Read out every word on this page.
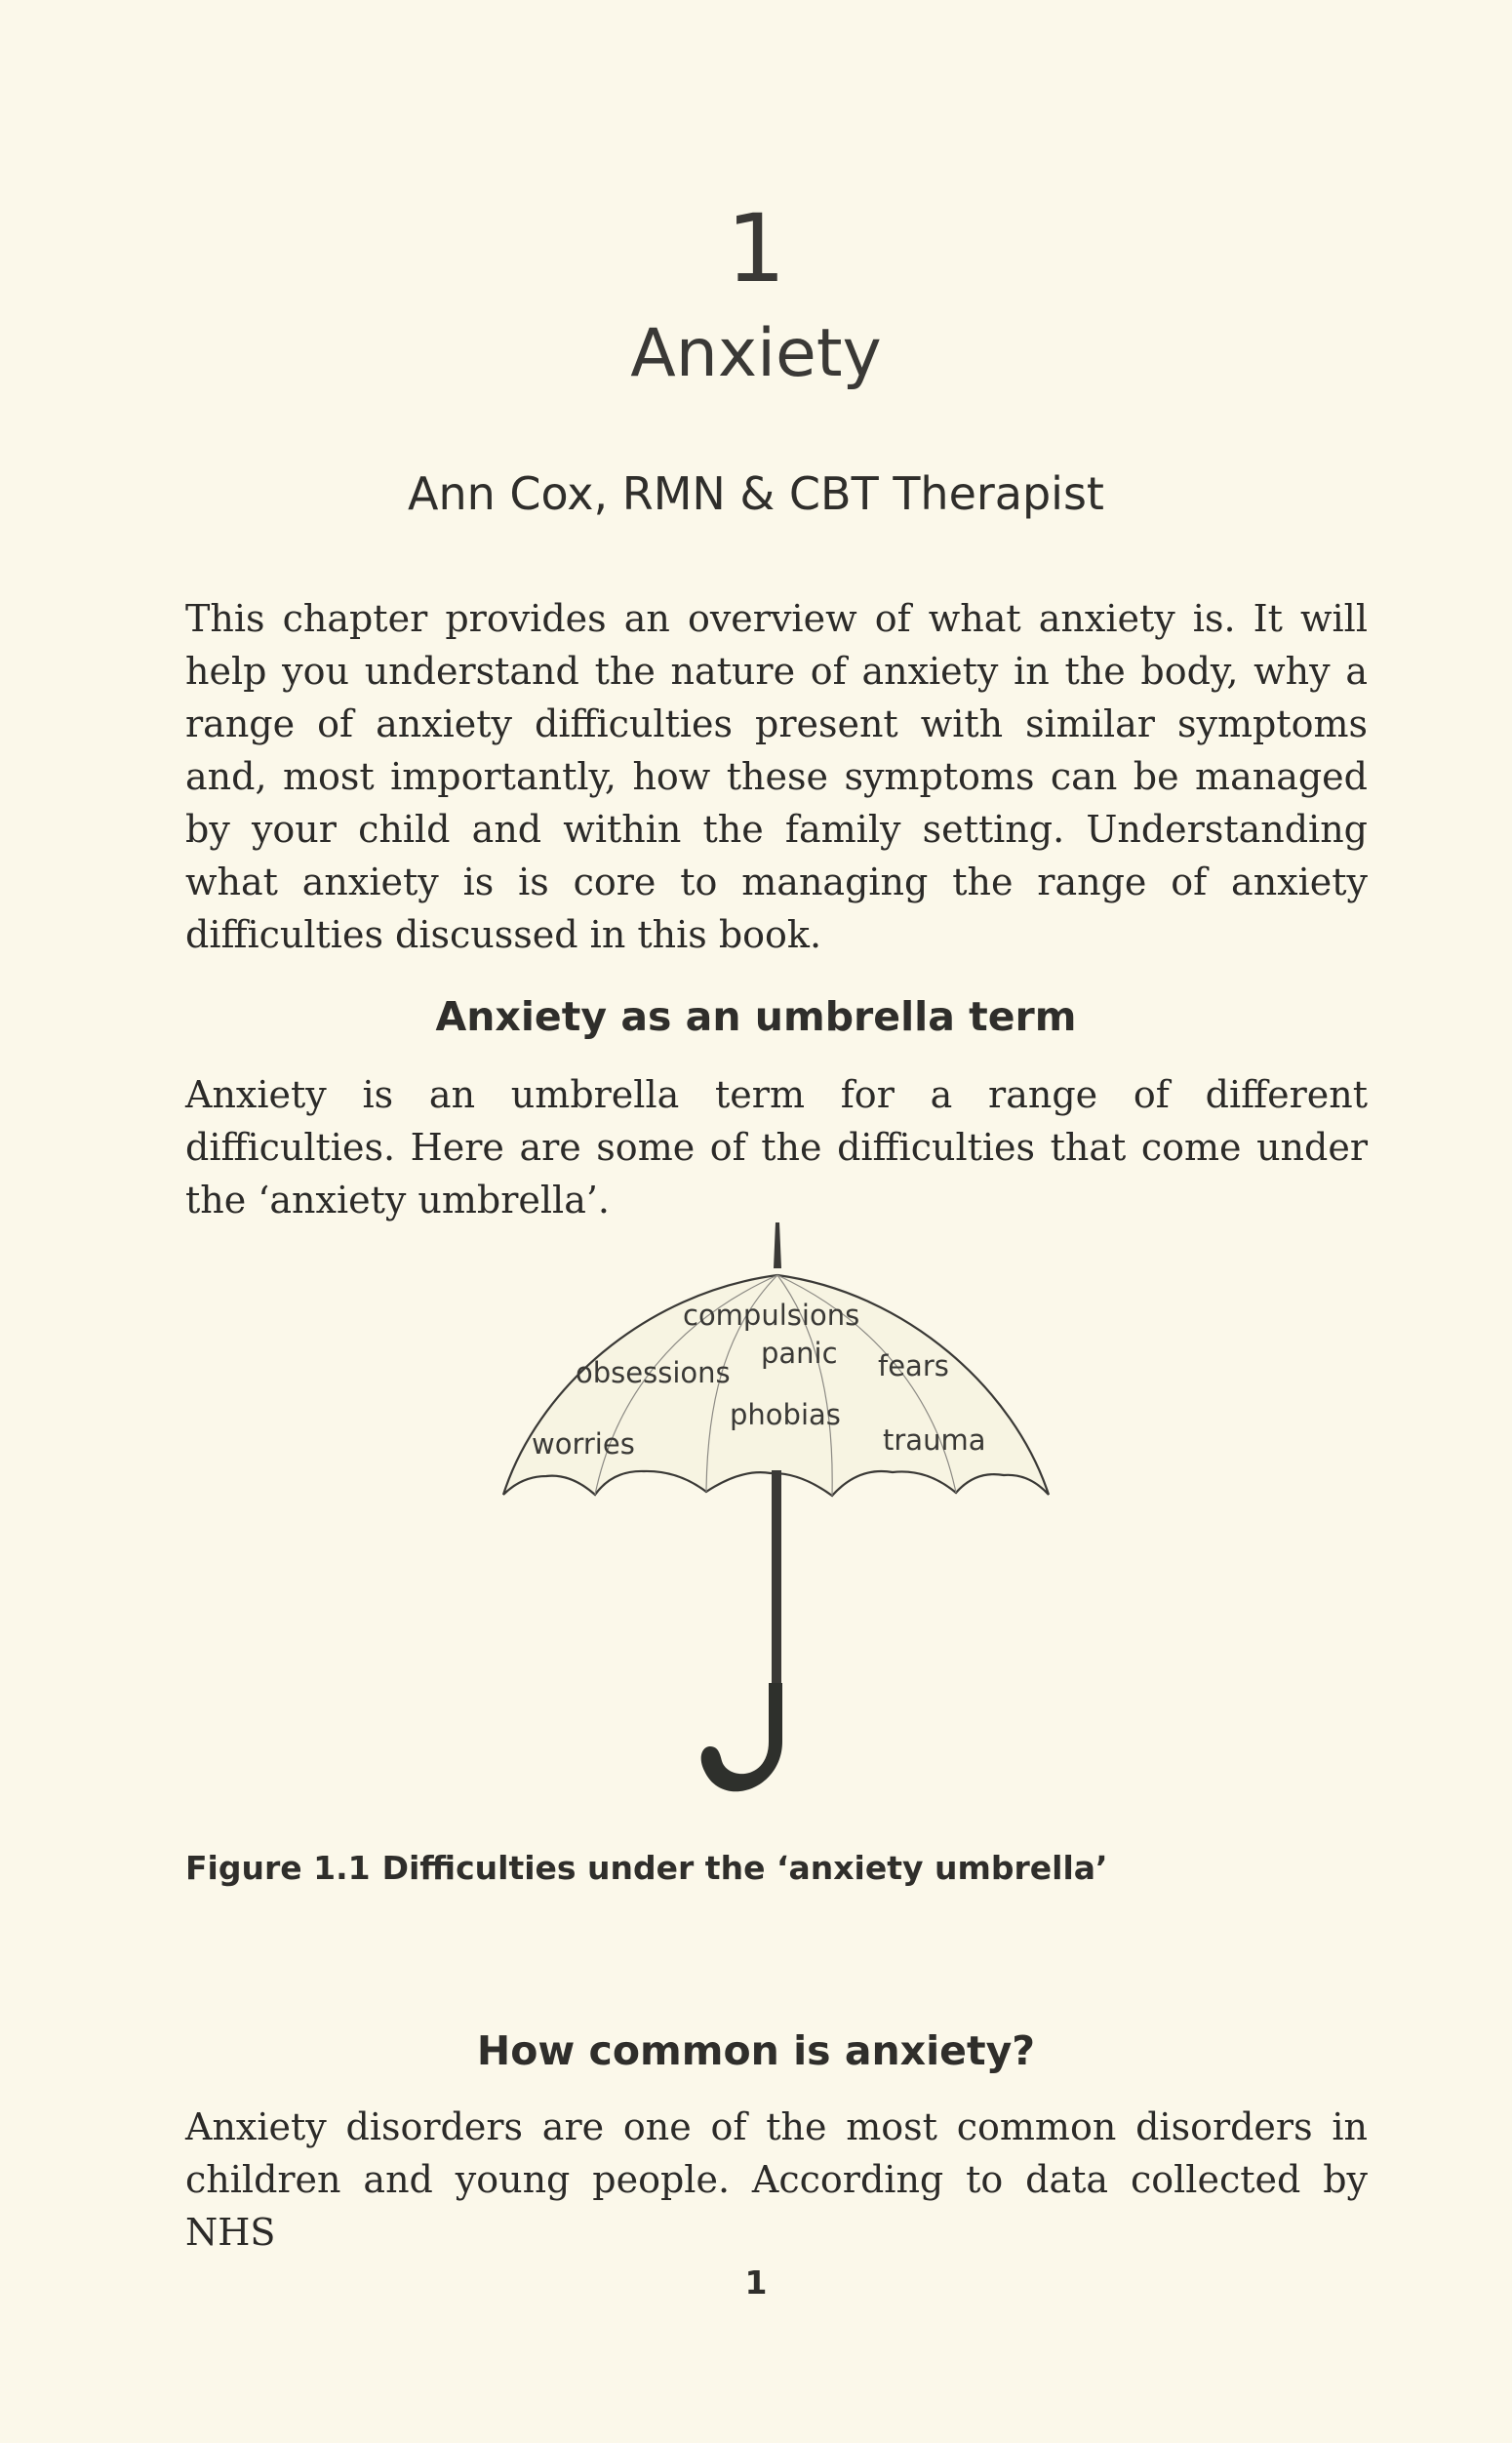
1
Anxiety
Ann Cox, RMN & CBT Therapist

This chapter provides an overview of what anxiety is. It will help you understand the nature of anxiety in the body, why a range of anxiety difficulties present with similar symptoms and, most importantly, how these symptoms can be managed by your child and within the family setting. Understanding what anxiety is is core to managing the range of anxiety difficulties discussed in this book.

Anxiety as an umbrella term

Anxiety is an umbrella term for a range of different difficulties. Here are some of the difficulties that come under the ‘anxiety umbrella’.

compulsions
panic fears
obsessions
phobias
worries	trauma
Figure 1.1 Difficulties under the ‘anxiety umbrella’
How common is anxiety?

Anxiety disorders are one of the most common disorders in children and young people. According to data collected by NHS

1
